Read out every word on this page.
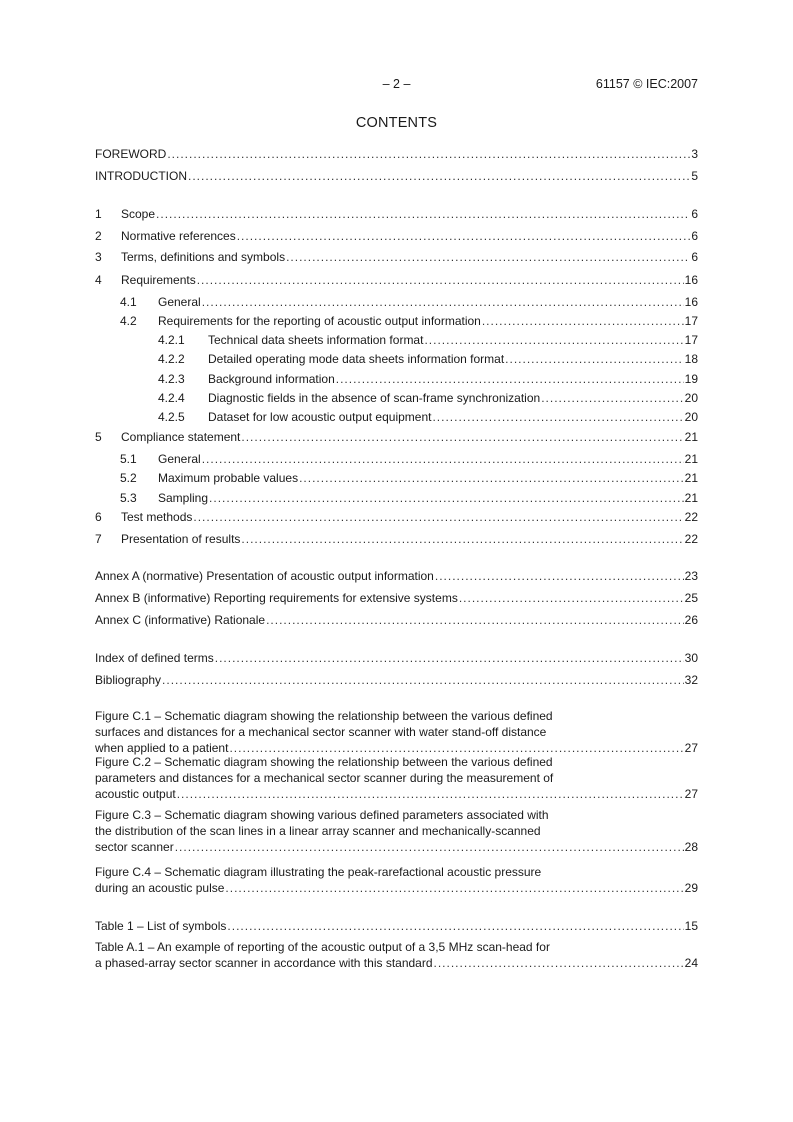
– 2 –	61157 © IEC:2007
CONTENTS
FOREWORD .....	3
INTRODUCTION .....	5
1	Scope .....	6
2	Normative references .....	6
3	Terms, definitions and symbols .....	6
4	Requirements .....	16
4.1	General .....	16
4.2	Requirements for the reporting of acoustic output information .....	17
4.2.1	Technical data sheets information format .....	17
4.2.2	Detailed operating mode data sheets information format .....	18
4.2.3	Background information .....	19
4.2.4	Diagnostic fields in the absence of scan-frame synchronization .....	20
4.2.5	Dataset for low acoustic output equipment .....	20
5	Compliance statement .....	21
5.1	General .....	21
5.2	Maximum probable values .....	21
5.3	Sampling .....	21
6	Test methods .....	22
7	Presentation of results .....	22
Annex A (normative) Presentation of acoustic output information .....	23
Annex B (informative) Reporting requirements for extensive systems .....	25
Annex C (informative) Rationale .....	26
Index of defined terms .....	30
Bibliography .....	32
Figure C.1 – Schematic diagram showing the relationship between the various defined
surfaces and distances for a mechanical sector scanner with water stand-off distance
when applied to a patient .....	27
Figure C.2 – Schematic diagram showing the relationship between the various defined
parameters and distances for a mechanical sector scanner during the measurement of
acoustic output .....	27
Figure C.3 – Schematic diagram showing various defined parameters associated with
the distribution of the scan lines in a linear array scanner and mechanically-scanned
sector scanner .....	28
Figure C.4 – Schematic diagram illustrating the peak-rarefactional acoustic pressure
during an acoustic pulse .....	29
Table 1 – List of symbols .....	15
Table A.1 – An example of reporting of the acoustic output of a 3,5 MHz scan-head for
a phased-array sector scanner in accordance with this standard .....	24
